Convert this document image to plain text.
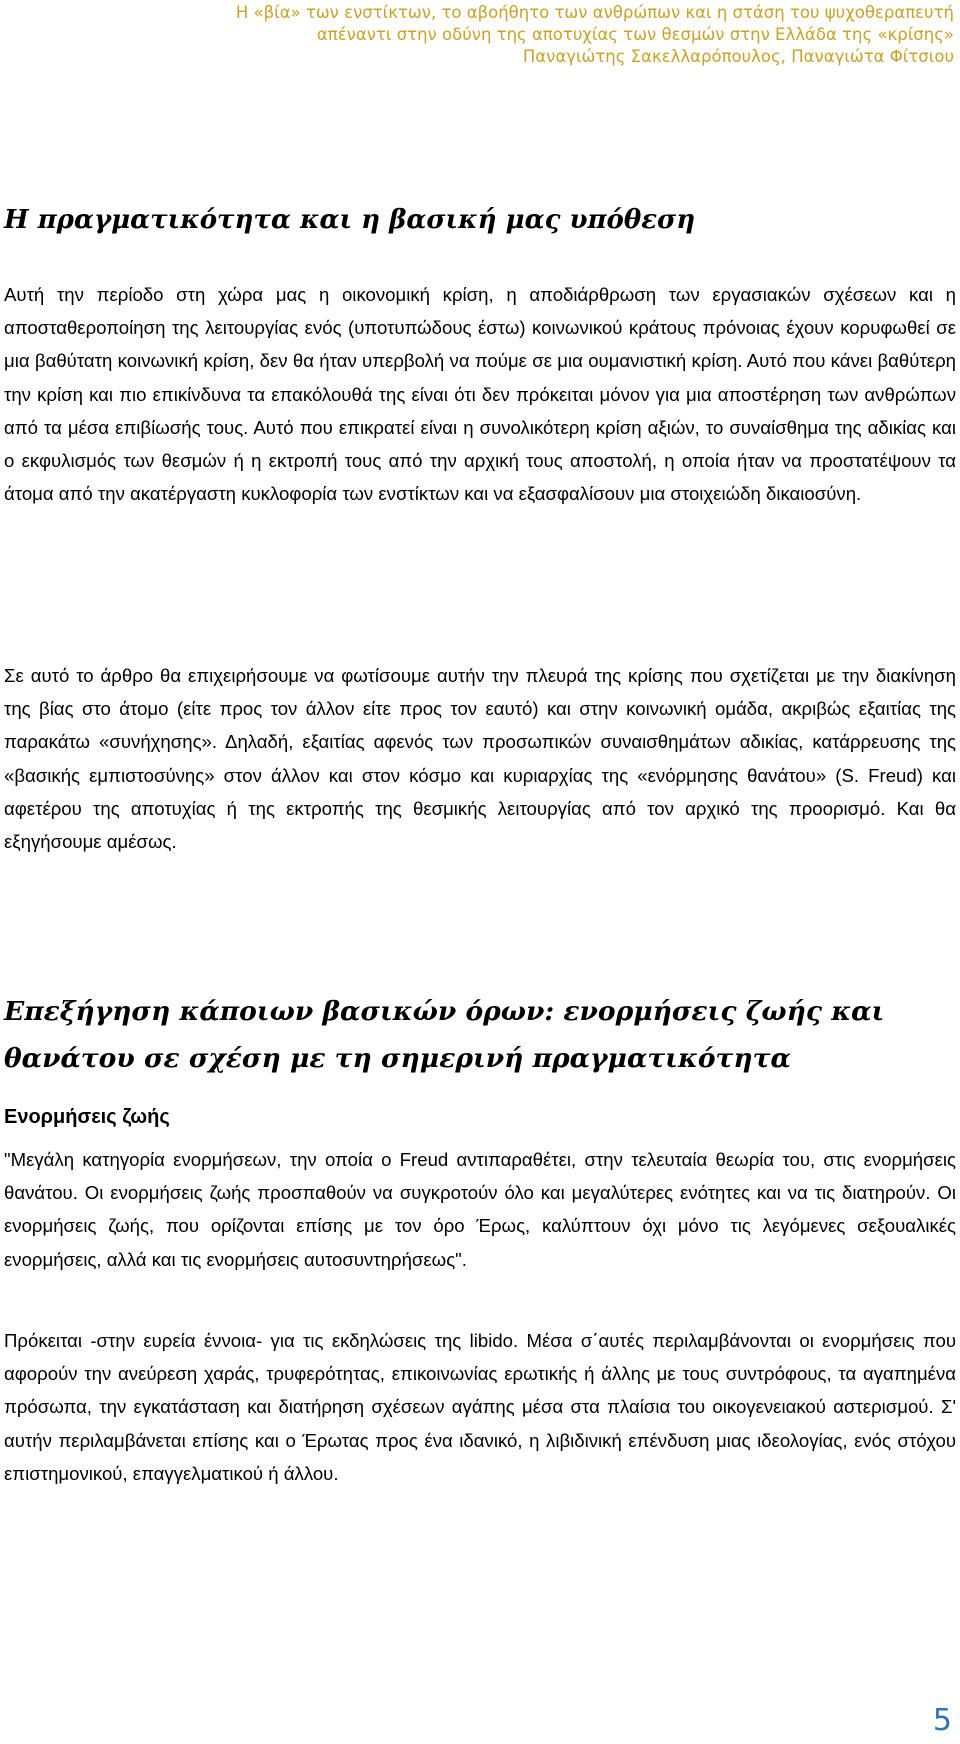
Η «βία» των ενστίκτων, το αβοήθητο των ανθρώπων και η στάση του ψυχοθεραπευτή
απέναντι στην οδύνη της αποτυχίας των θεσμών στην Ελλάδα της «κρίσης»
Παναγιώτης Σακελλαρόπουλος, Παναγιώτα Φίτσιου
Η πραγματικότητα και η βασική μας υπόθεση

Αυτή την περίοδο στη χώρα μας η οικονομική κρίση, η αποδιάρθρωση των εργασιακών σχέσεων και η αποσταθεροποίηση της λειτουργίας ενός (υποτυπώδους έστω) κοινωνικού κράτους πρόνοιας έχουν κορυφωθεί σε μια βαθύτατη κοινωνική κρίση, δεν θα ήταν υπερβολή να πούμε σε μια ουμανιστική κρίση. Αυτό που κάνει βαθύτερη την κρίση και πιο επικίνδυνα τα επακόλουθά της είναι ότι δεν πρόκειται μόνον για μια αποστέρηση των ανθρώπων από τα μέσα επιβίωσής τους. Αυτό που επικρατεί είναι η συνολικότερη κρίση αξιών, το συναίσθημα της αδικίας και ο εκφυλισμός των θεσμών ή η εκτροπή τους από την αρχική τους αποστολή, η οποία ήταν να προστατέψουν τα άτομα από την ακατέργαστη κυκλοφορία των ενστίκτων και να εξασφαλίσουν μια στοιχειώδη δικαιοσύνη.

Σε αυτό το άρθρο θα επιχειρήσουμε να φωτίσουμε αυτήν την πλευρά της κρίσης που σχετίζεται με την διακίνηση της βίας στο άτομο (είτε προς τον άλλον είτε προς τον εαυτό) και στην κοινωνική ομάδα, ακριβώς εξαιτίας της παρακάτω «συνήχησης». Δηλαδή, εξαιτίας αφενός των προσωπικών συναισθημάτων αδικίας, κατάρρευσης της «βασικής εμπιστοσύνης» στον άλλον και στον κόσμο και κυριαρχίας της «ενόρμησης θανάτου» (S. Freud) και αφετέρου της αποτυχίας ή της εκτροπής της θεσμικής λειτουργίας από τον αρχικό της προορισμό. Και θα εξηγήσουμε αμέσως.

Επεξήγηση κάποιων βασικών όρων: ενορμήσεις ζωής και θανάτου σε σχέση με τη σημερινή πραγματικότητα
Ενορμήσεις ζωής

"Μεγάλη κατηγορία ενορμήσεων, την οποία ο Freud αντιπαραθέτει, στην τελευταία θεωρία του, στις ενορμήσεις θανάτου. Οι ενορμήσεις ζωής προσπαθούν να συγκροτούν όλο και μεγαλύτερες ενότητες και να τις διατηρούν. Οι ενορμήσεις ζωής, που ορίζονται επίσης με τον όρο Έρως, καλύπτουν όχι μόνο τις λεγόμενες σεξουαλικές ενορμήσεις, αλλά και τις ενορμήσεις αυτοσυντηρήσεως".

Πρόκειται -στην ευρεία έννοια- για τις εκδηλώσεις της libido. Μέσα σ΄αυτές περιλαμβάνονται οι ενορμήσεις που αφορούν την ανεύρεση χαράς, τρυφερότητας, επικοινωνίας ερωτικής ή άλλης με τους συντρόφους, τα αγαπημένα πρόσωπα, την εγκατάσταση και διατήρηση σχέσεων αγάπης μέσα στα πλαίσια του οικογενειακού αστερισμού. Σ' αυτήν περιλαμβάνεται επίσης και ο Έρωτας προς ένα ιδανικό, η λιβιδινική επένδυση μιας ιδεολογίας, ενός στόχου επιστημονικού, επαγγελματικού ή άλλου.

5
